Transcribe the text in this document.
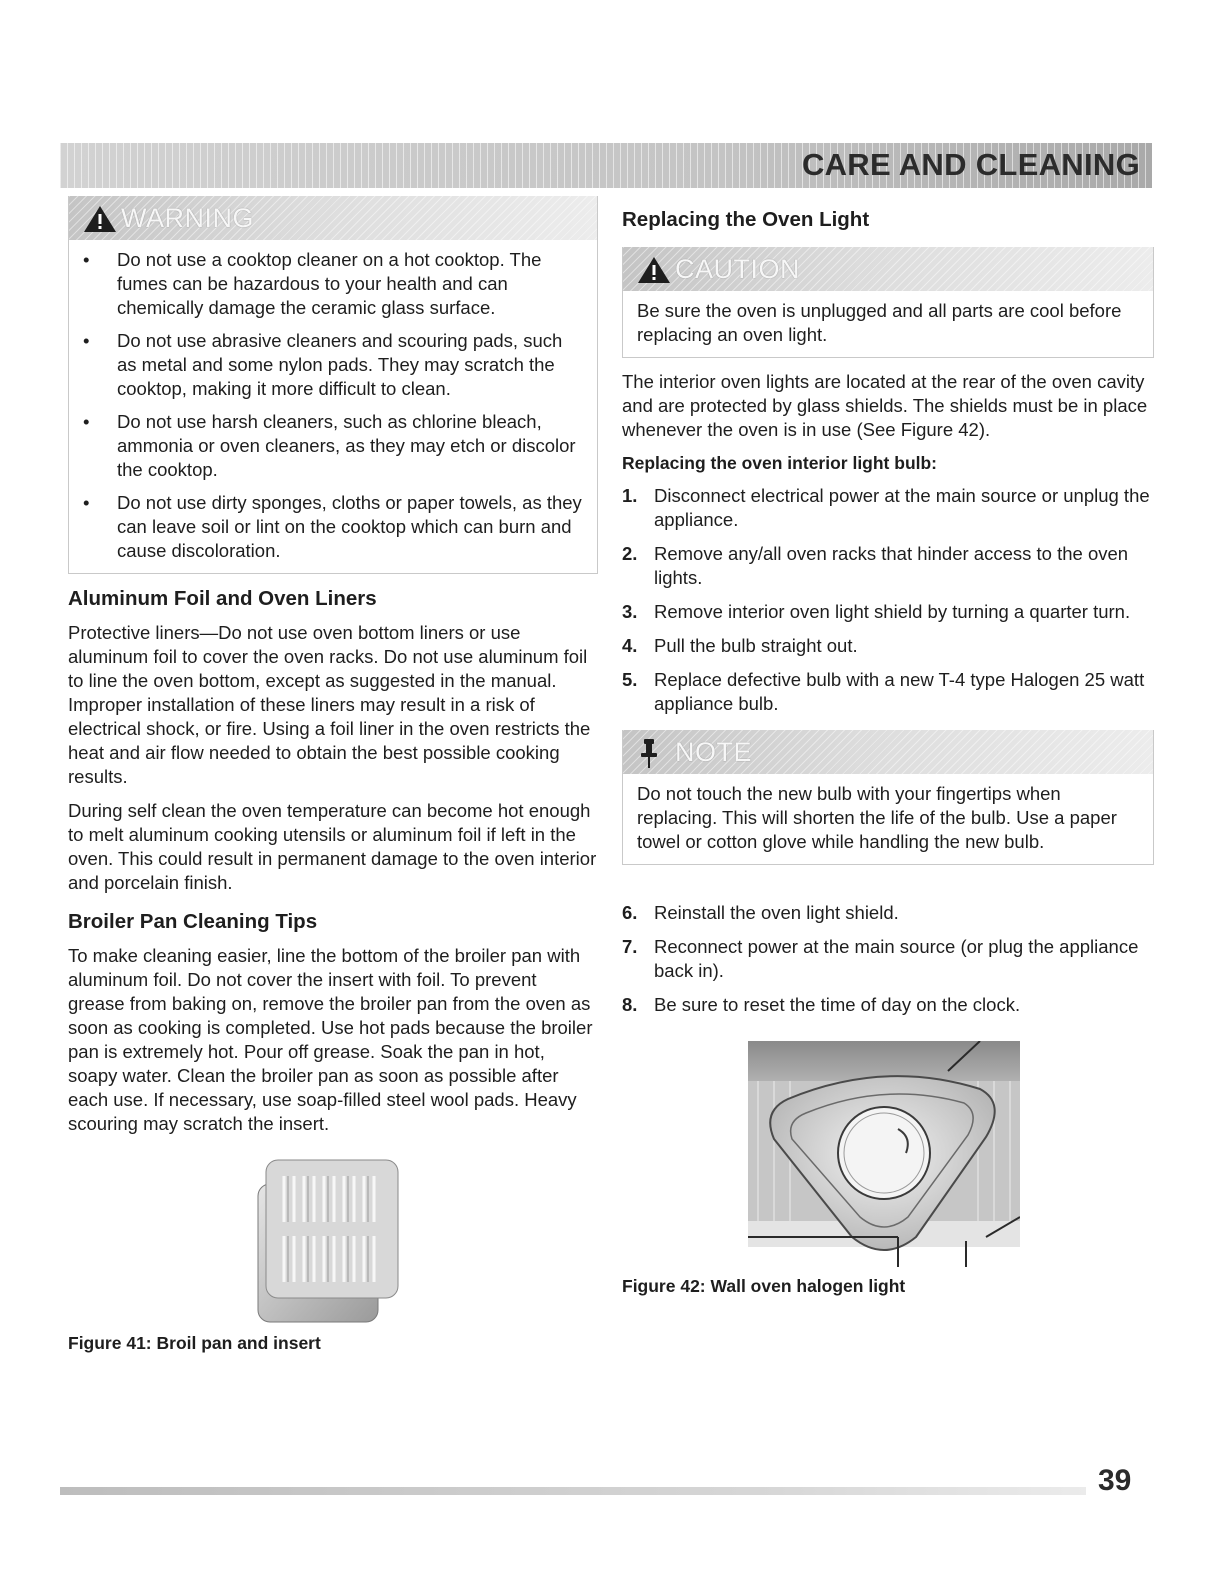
CARE AND CLEANING

WARNING

• Do not use a cooktop cleaner on a hot cooktop. The fumes can be hazardous to your health and can chemically damage the ceramic glass surface.
• Do not use abrasive cleaners and scouring pads, such as metal and some nylon pads. They may scratch the cooktop, making it more difficult to clean.
• Do not use harsh cleaners, such as chlorine bleach, ammonia or oven cleaners, as they may etch or discolor the cooktop.
• Do not use dirty sponges, cloths or paper towels, as they can leave soil or lint on the cooktop which can burn and cause discoloration.
Aluminum Foil and Oven Liners

Protective liners—Do not use oven bottom liners or use aluminum foil to cover the oven racks. Do not use aluminum foil to line the oven bottom, except as suggested in the manual. Improper installation of these liners may result in a risk of electrical shock, or fire. Using a foil liner in the oven restricts the heat and air flow needed to obtain the best possible cooking results.

During self clean the oven temperature can become hot enough to melt aluminum cooking utensils or aluminum foil if left in the oven. This could result in permanent damage to the oven interior and porcelain finish.

Broiler Pan Cleaning Tips

To make cleaning easier, line the bottom of the broiler pan with aluminum foil. Do not cover the insert with foil. To prevent grease from baking on, remove the broiler pan from the oven as soon as cooking is completed. Use hot pads because the broiler pan is extremely hot. Pour off grease. Soak the pan in hot, soapy water. Clean the broiler pan as soon as possible after each use. If necessary, use soap-filled steel wool pads. Heavy scouring may scratch the insert.

Figure 41: Broil pan and insert

Replacing the Oven Light

CAUTION

Be sure the oven is unplugged and all parts are cool before replacing an oven light.

The interior oven lights are located at the rear of the oven cavity and are protected by glass shields. The shields must be in place whenever the oven is in use (See Figure 42).

Replacing the oven interior light bulb:
1. Disconnect electrical power at the main source or unplug the appliance.
2. Remove any/all oven racks that hinder access to the oven lights.
3. Remove interior oven light shield by turning a quarter turn.
4. Pull the bulb straight out.
5. Replace defective bulb with a new T-4 type Halogen 25 watt appliance bulb.

NOTE

Do not touch the new bulb with your fingertips when replacing. This will shorten the life of the bulb. Use a paper towel or cotton glove while handling the new bulb.

6. Reinstall the oven light shield.
7. Reconnect power at the main source (or plug the appliance back in).
8. Be sure to reset the time of day on the clock.

Figure 42: Wall oven halogen light

39
